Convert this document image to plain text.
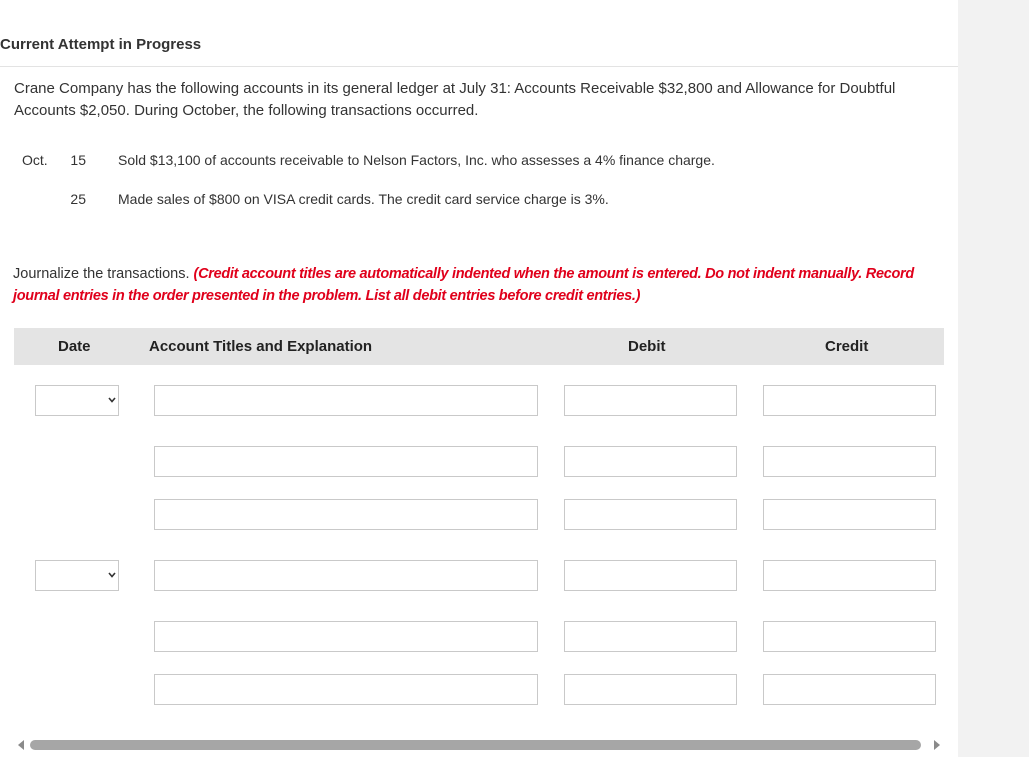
Current Attempt in Progress
Crane Company has the following accounts in its general ledger at July 31: Accounts Receivable $32,800 and Allowance for Doubtful Accounts $2,050. During October, the following transactions occurred.
Oct.	15 Sold $13,100 of accounts receivable to Nelson Factors, Inc. who assesses a 4% finance charge.
25 Made sales of $800 on VISA credit cards. The credit card service charge is 3%.
Journalize the transactions. (Credit account titles are automatically indented when the amount is entered. Do not indent manually. Record journal entries in the order presented in the problem. List all debit entries before credit entries.)
Date	Account Titles and Explanation	Debit	Credit
